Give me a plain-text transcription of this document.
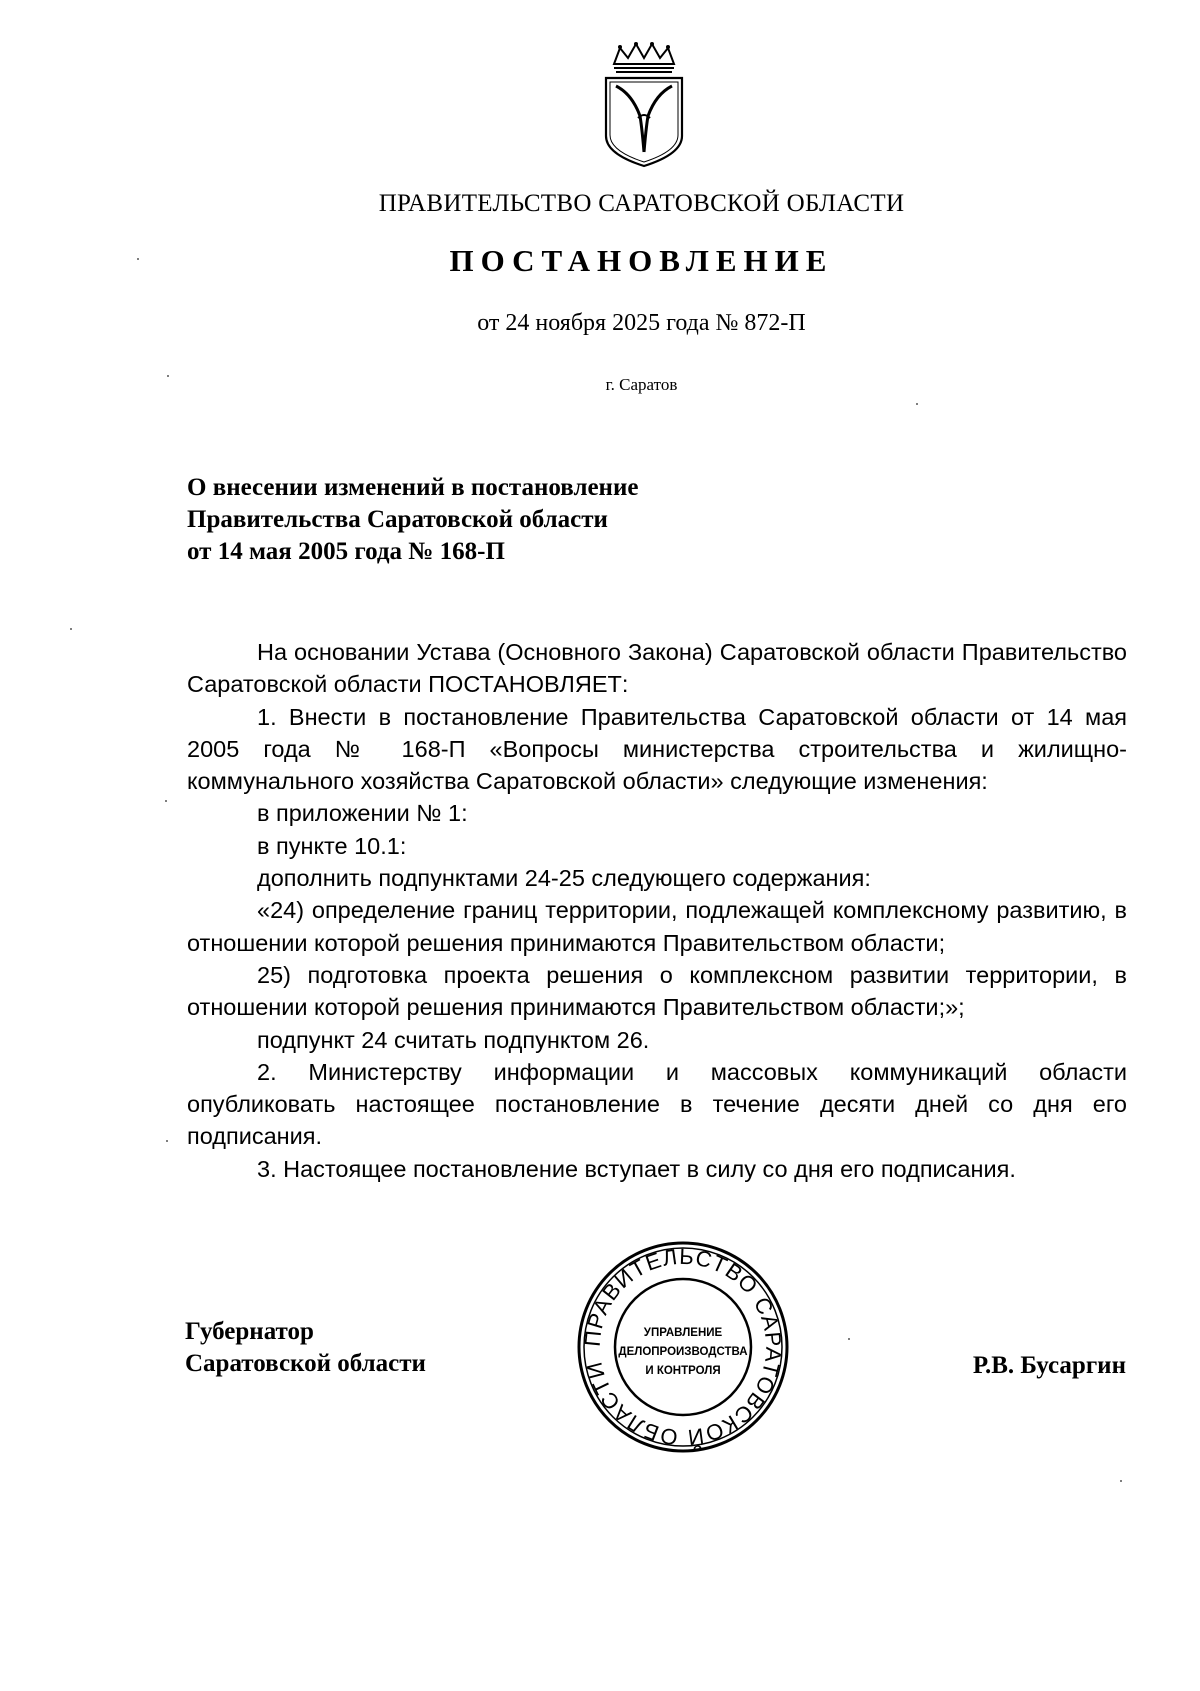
ПРАВИТЕЛЬСТВО САРАТОВСКОЙ ОБЛАСТИ
ПОСТАНОВЛЕНИЕ
от 24 ноября 2025 года № 872-П
г. Саратов
О внесении изменений в постановление
Правительства Саратовской области
от 14 мая 2005 года № 168-П

На основании Устава (Основного Закона) Саратовской области Правительство Саратовской области ПОСТАНОВЛЯЕТ:

1. Внести в постановление Правительства Саратовской области от 14 мая 2005 года № 168-П «Вопросы министерства строительства и жилищно-коммунального хозяйства Саратовской области» следующие изменения:

в приложении № 1:

в пункте 10.1:

дополнить подпунктами 24-25 следующего содержания:

«24) определение границ территории, подлежащей комплексному развитию, в отношении которой решения принимаются Правительством области;

25) подготовка проекта решения о комплексном развитии территории, в отношении которой решения принимаются Правительством области;»;

подпункт 24 считать подпунктом 26.

2. Министерству информации и массовых коммуникаций области опубликовать настоящее постановление в течение десяти дней со дня его подписания.

3. Настоящее постановление вступает в силу со дня его подписания.

Губернатор
Саратовской области
ПРАВИТЕЛЬСТВО САРАТОВСКОЙ ОБЛАСТИ
УПРАВЛЕНИЕ
ДЕЛОПРОИЗВОДСТВА
И КОНТРОЛЯ	Р.В. Бусаргин
